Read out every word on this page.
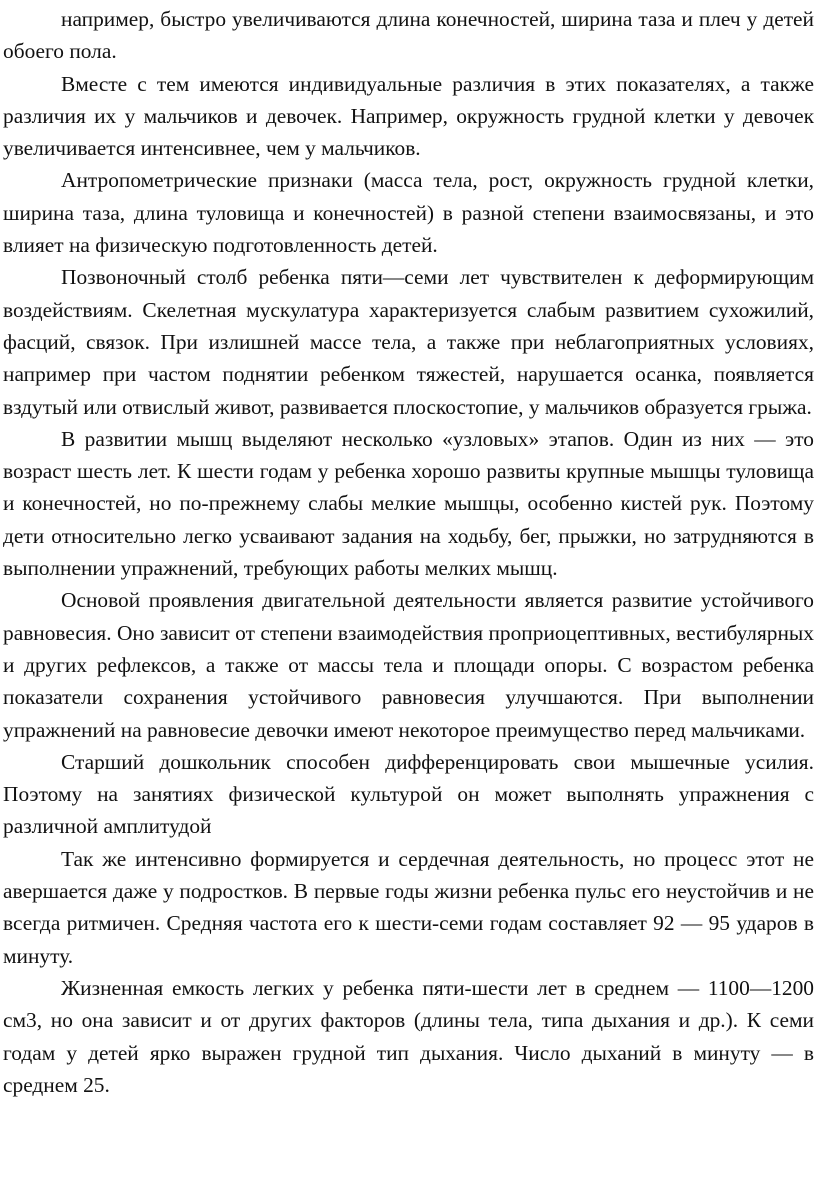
например, быстро увеличиваются длина конечностей, ширина таза и плеч у детей обоего пола.

Вместе с тем имеются индивидуальные различия в этих показателях, а также различия их у мальчиков и девочек. Например, окружность грудной клетки у девочек увеличивается интенсивнее, чем у мальчиков.

Антропометрические признаки (масса тела, рост, окружность грудной клетки, ширина таза, длина туловища и конечностей) в разной степени взаимосвязаны, и это влияет на физическую подготовленность детей.

Позвоночный столб ребенка пяти—семи лет чувствителен к деформирующим воздействиям. Скелетная мускулатура характеризуется слабым развитием сухожилий, фасций, связок. При излишней массе тела, а также при неблагоприятных условиях, например при частом поднятии ребенком тяжестей, нарушается осанка, появляется вздутый или отвислый живот, развивается плоскостопие, у мальчиков образуется грыжа.

В развитии мышц выделяют несколько «узловых» этапов. Один из них — это возраст шесть лет. К шести годам у ребенка хорошо развиты крупные мышцы туловища и конечностей, но по-прежнему слабы мелкие мышцы, особенно кистей рук. Поэтому дети относительно легко усваивают задания на ходьбу, бег, прыжки, но затрудняются в выполнении упражнений, требующих работы мелких мышц.

Основой проявления двигательной деятельности является развитие устойчивого равновесия. Оно зависит от степени взаимодействия проприоцептивных, вестибулярных и других рефлексов, а также от массы тела и площади опоры. С возрастом ребенка показатели сохранения устойчивого равновесия улучшаются. При выполнении упражнений на равновесие девочки имеют некоторое преимущество перед мальчиками.

Старший дошкольник способен дифференцировать свои мышечные усилия. Поэтому на занятиях физической культурой он может выполнять упражнения с различной амплитудой

Так же интенсивно формируется и сердечная деятельность, но процесс этот не авершается даже у подростков. В первые годы жизни ребенка пульс его неустойчив и не всегда ритмичен. Средняя частота его к шести-семи годам составляет 92 — 95 ударов в минуту.

Жизненная емкость легких у ребенка пяти-шести лет в среднем — 1100—1200 см3, но она зависит и от других факторов (длины тела, типа дыхания и др.). К семи годам у детей ярко выражен грудной тип дыхания. Число дыханий в минуту — в среднем 25.
